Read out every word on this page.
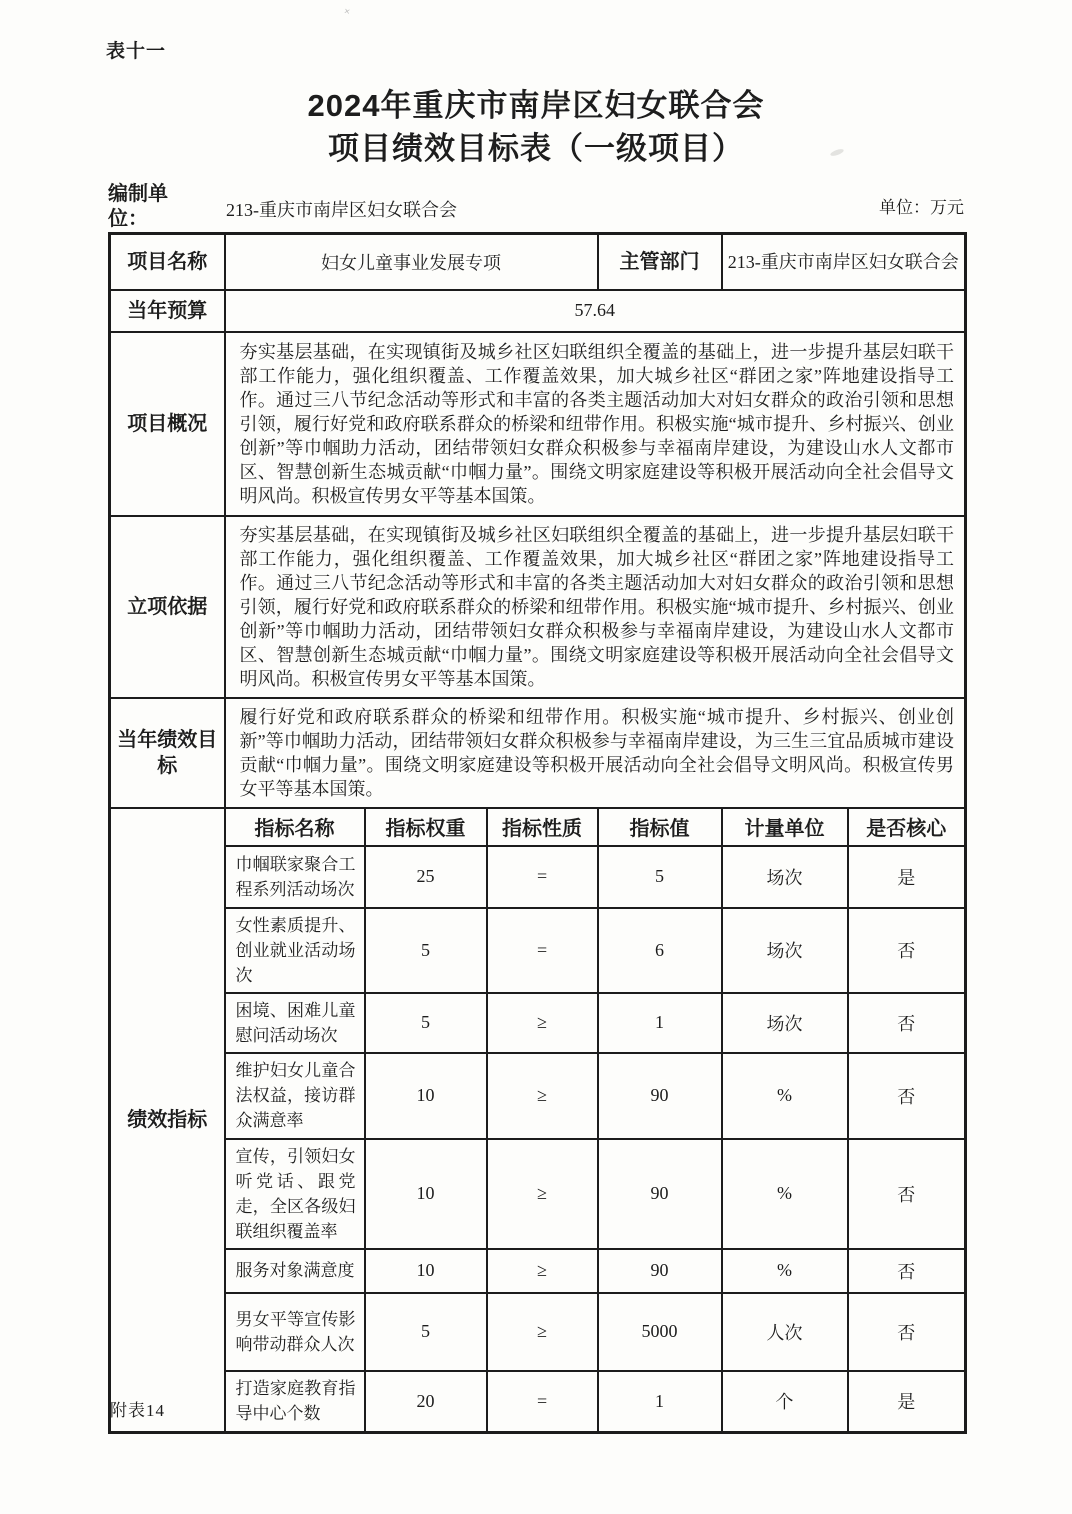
˟
表十一
2024年重庆市南岸区妇女联合会
项目绩效目标表（一级项目）
编制单位：	213-重庆市南岸区妇女联合会	单位：万元
项目名称	妇女儿童事业发展专项			主管部门	213-重庆市南岸区妇女联合会	
当年预算	57.64					
项目概况	夯实基层基础，在实现镇街及城乡社区妇联组织全覆盖的基础上，进一步提升基层妇联干部工作能力，强化组织覆盖、工作覆盖效果，加大城乡社区“群团之家”阵地建设指导工作。通过三八节纪念活动等形式和丰富的各类主题活动加大对妇女群众的政治引领和思想引领，履行好党和政府联系群众的桥梁和纽带作用。积极实施“城市提升、乡村振兴、创业创新”等巾帼助力活动，团结带领妇女群众积极参与幸福南岸建设，为建设山水人文都市区、智慧创新生态城贡献“巾帼力量”。围绕文明家庭建设等积极开展活动向全社会倡导文明风尚。积极宣传男女平等基本国策。					
立项依据	夯实基层基础，在实现镇街及城乡社区妇联组织全覆盖的基础上，进一步提升基层妇联干部工作能力，强化组织覆盖、工作覆盖效果，加大城乡社区“群团之家”阵地建设指导工作。通过三八节纪念活动等形式和丰富的各类主题活动加大对妇女群众的政治引领和思想引领，履行好党和政府联系群众的桥梁和纽带作用。积极实施“城市提升、乡村振兴、创业创新”等巾帼助力活动，团结带领妇女群众积极参与幸福南岸建设，为建设山水人文都市区、智慧创新生态城贡献“巾帼力量”。围绕文明家庭建设等积极开展活动向全社会倡导文明风尚。积极宣传男女平等基本国策。					
当年绩效目标	履行好党和政府联系群众的桥梁和纽带作用。积极实施“城市提升、乡村振兴、创业创新”等巾帼助力活动，团结带领妇女群众积极参与幸福南岸建设，为三生三宜品质城市建设贡献“巾帼力量”。围绕文明家庭建设等积极开展活动向全社会倡导文明风尚。积极宣传男女平等基本国策。					
绩效指标	指标名称	指标权重	指标性质	指标值	计量单位	是否核心
	巾帼联家聚合工程系列活动场次	25	=	5	场次	是
	女性素质提升、创业就业活动场次	5	=	6	场次	否
	困境、困难儿童慰问活动场次	5	≥	1	场次	否
	维护妇女儿童合法权益，接访群众满意率	10	≥	90	%	否
	宣传，引领妇女听党话、跟党走，全区各级妇联组织覆盖率	10	≥	90	%	否
	服务对象满意度	10	≥	90	%	否
	男女平等宣传影响带动群众人次	5	≥	5000	人次	否
	打造家庭教育指导中心个数	20	=	1	个	是
附表14
